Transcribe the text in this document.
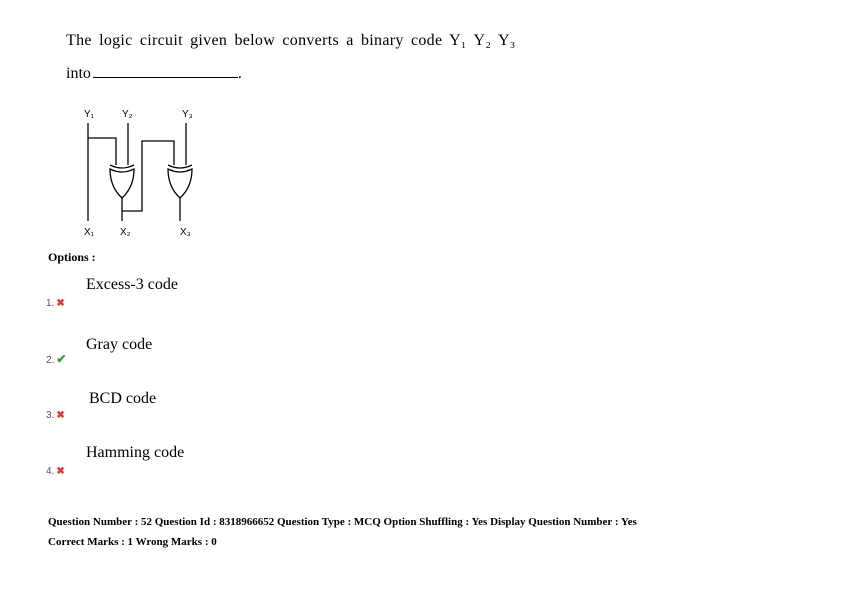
The logic circuit given below converts a binary code Y₁ Y₂ Y₃
into	.
Y₁	Y₂	Y₃
X₁	X₂	X₃
Options :
Excess-3 code
1. ✖
Gray code
2. ✔
BCD code
3. ✖
Hamming code
4. ✖
Question Number : 52 Question Id : 8318966652 Question Type : MCQ Option Shuffling : Yes Display Question Number : Yes
Correct Marks : 1 Wrong Marks : 0
